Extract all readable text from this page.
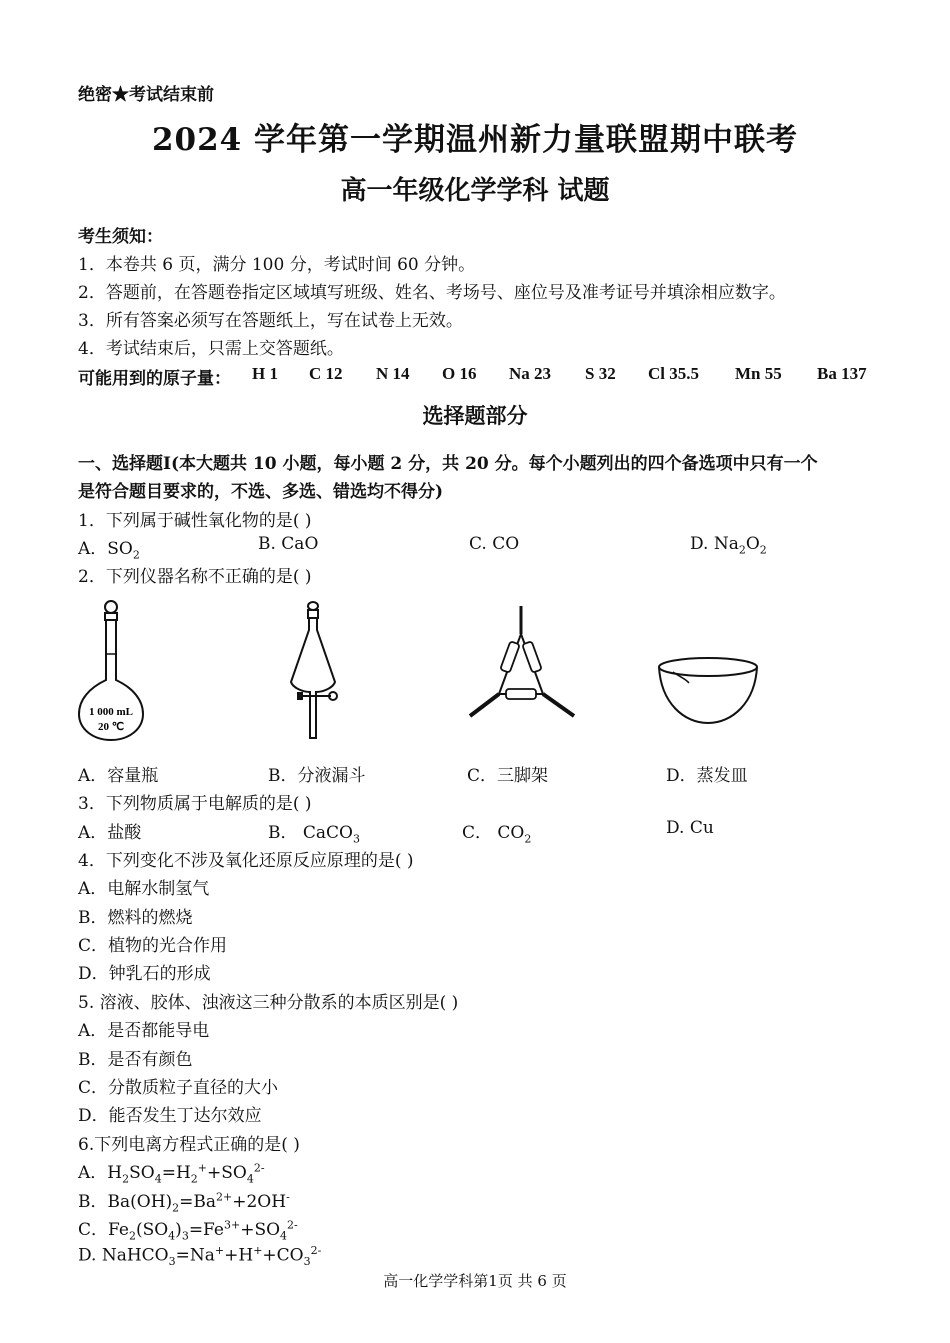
绝密★考试结束前
2024 学年第一学期温州新力量联盟期中联考
高一年级化学学科 试题
考生须知：
1．本卷共 6 页，满分 100 分，考试时间 60 分钟。
2．答题前，在答题卷指定区域填写班级、姓名、考场号、座位号及准考证号并填涂相应数字。
3．所有答案必须写在答题纸上，写在试卷上无效。
4．考试结束后，只需上交答题纸。
可能用到的原子量： H 1 C 12 N 14 O 16 Na 23 S 32 Cl 35.5 Mn 55 Ba 137
选择题部分
一、选择题I(本大题共 10 小题，每小题 2 分，共 20 分。每个小题列出的四个备选项中只有一个
是符合题目要求的，不选、多选、错选均不得分)
1．下列属于碱性氧化物的是( )
A．$SO_2$
B. CaO	C. CO	D. $Na_2O_2$
2．下列仪器名称不正确的是( )
1 000 mL
20 ℃
A．容量瓶	B．分液漏斗	C．三脚架	D．蒸发皿
3．下列物质属于电解质的是( )
A．盐酸	B． CaCO$_3$	C． $CO_2$
D. Cu
4．下列变化不涉及氧化还原反应原理的是( )
A．电解水制氢气
B．燃料的燃烧
C．植物的光合作用
D．钟乳石的形成
5. 溶液、胶体、浊液这三种分散系的本质区别是( )
A．是否都能导电
B．是否有颜色
C．分散质粒子直径的大小
D．能否发生丁达尔效应
6.下列电离方程式正确的是( )
A．$H_2SO_4=H_2^++SO_4^{2-}$
B．$Ba(OH)_2=Ba^{2+}+2OH^-$
C．$Fe_2(SO_4)_3=Fe^{3+}+SO_4^{2-}$
D. $NaHCO_3=Na^++H^++CO_3^{2-}$
高一化学学科第1页 共 6 页
